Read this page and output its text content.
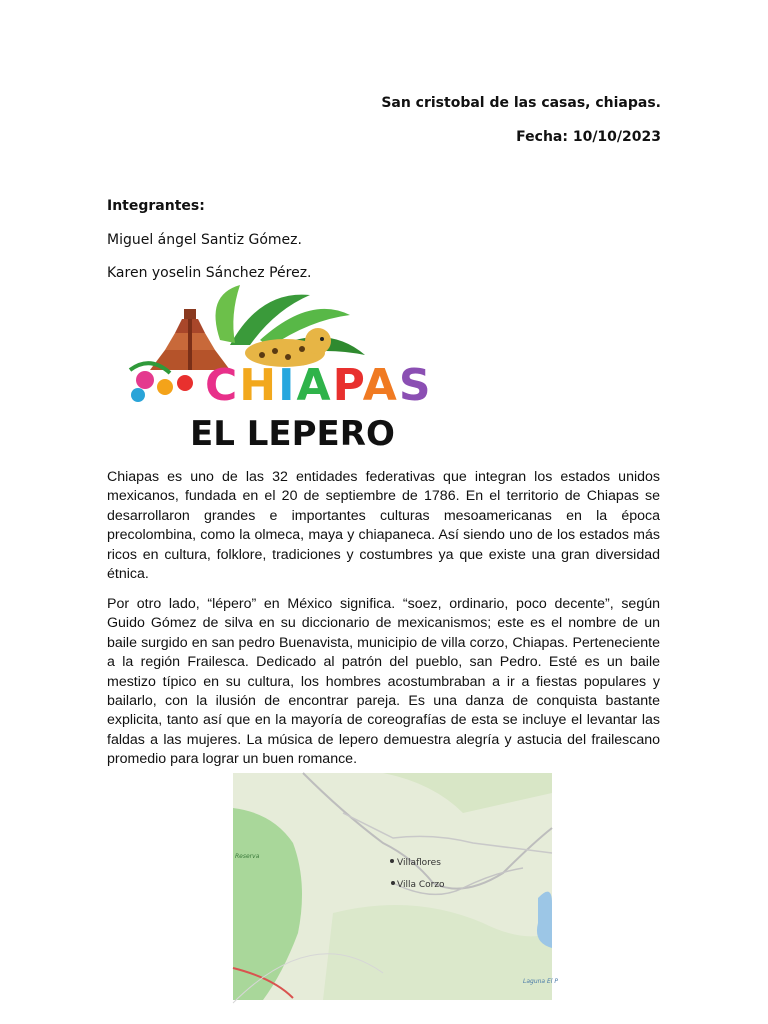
San cristobal de las casas, chiapas.
Fecha: 10/10/2023
Integrantes:
Miguel ángel Santiz Gómez.
Karen yoselin Sánchez Pérez.
CHIAPAS
EL LEPERO

Chiapas es uno de las 32 entidades federativas que integran los estados unidos mexicanos, fundada en el 20 de septiembre de 1786. En el territorio de Chiapas se desarrollaron grandes e importantes culturas mesoamericanas en la época precolombina, como la olmeca, maya y chiapaneca. Así siendo uno de los estados más ricos en cultura, folklore, tradiciones y costumbres ya que existe una gran diversidad étnica.

Por otro lado, “lépero” en México significa. “soez, ordinario, poco decente”, según Guido Gómez de silva en su diccionario de mexicanismos; este es el nombre de un baile surgido en san pedro Buenavista, municipio de villa corzo, Chiapas. Perteneciente a la región Frailesca. Dedicado al patrón del pueblo, san Pedro. Esté es un baile mestizo típico en su cultura, los hombres acostumbraban a ir a fiestas populares y bailarlo, con la ilusión de encontrar pareja. Es una danza de conquista bastante explicita, tanto así que en la mayoría de coreografías de esta se incluye el levantar las faldas a las mujeres. La música de lepero demuestra alegría y astucia del frailescano promedio para lograr un buen romance.

Villaflores
Villa Corzo
Reserva
Laguna El P
